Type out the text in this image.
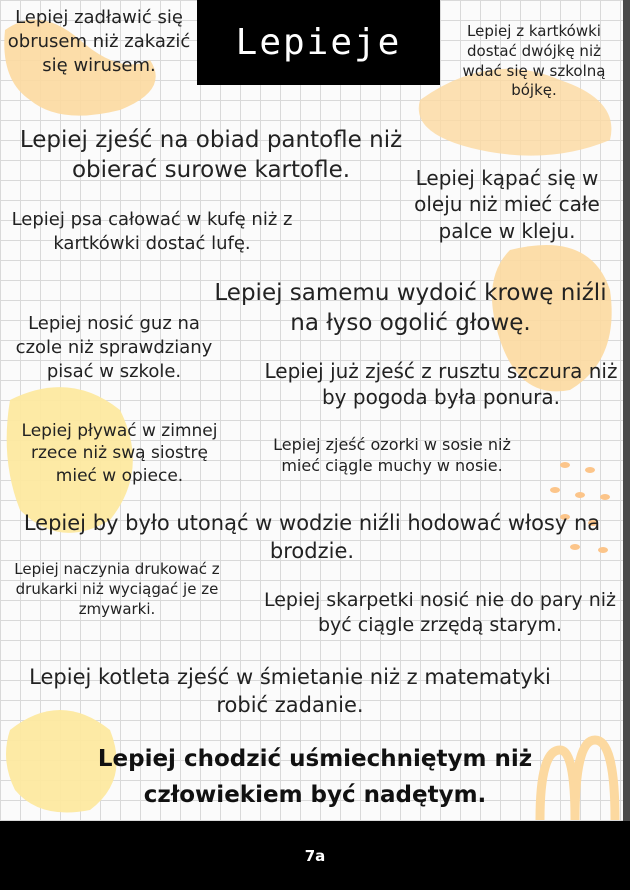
Lepieje
Lepiej zadławić się obrusem niż zakazić się wirusem.
Lepiej z kartkówki dostać dwójkę niż wdać się w szkolną bójkę.
Lepiej zjeść na obiad pantofle niż obierać surowe kartofle.	Lepiej kąpać się w oleju niż mieć całe palce w kleju.
Lepiej psa całować w kufę niż z kartkówki dostać lufę.
Lepiej samemu wydoić krowę niźli na łyso ogolić głowę.
Lepiej nosić guz na czole niż sprawdziany pisać w szkole.	Lepiej już zjeść z rusztu szczura niż by pogoda była ponura.
Lepiej pływać w zimnej rzece niż swą siostrę mieć w opiece.
Lepiej zjeść ozorki w sosie niż mieć ciągle muchy w nosie.
Lepiej by było utonąć w wodzie niźli hodować włosy na brodzie.
Lepiej naczynia drukować z drukarki niż wyciągać je ze zmywarki.	Lepiej skarpetki nosić nie do pary niż być ciągle zrzędą starym.
Lepiej kotleta zjeść w śmietanie niż z matematyki robić zadanie.
Lepiej chodzić uśmiechniętym niż człowiekiem być nadętym.
7a
